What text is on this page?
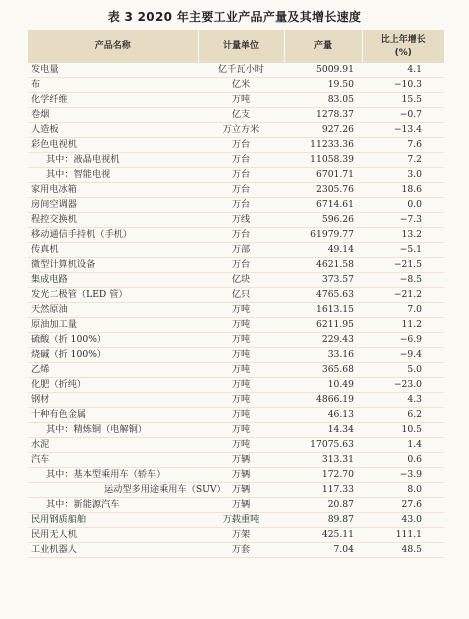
表 3 2020 年主要工业产品产量及其增长速度
产品名称	计量单位	产量	比上年增长
(%)

发电量	亿千瓦小时	5009.91	4.1
布	亿米	19.50	−10.3
化学纤维	万吨	83.05	15.5
卷烟	亿支	1278.37	−0.7
人造板	万立方米	927.26	−13.4
彩色电视机	万台	11233.36	7.6
其中：液晶电视机	万台	11058.39	7.2
其中：智能电视	万台	6701.71	3.0
家用电冰箱	万台	2305.76	18.6
房间空调器	万台	6714.61	0.0
程控交换机	万线	596.26	−7.3
移动通信手持机（手机）	万台	61979.77	13.2
传真机	万部	49.14	−5.1
微型计算机设备	万台	4621.58	−21.5
集成电路	亿块	373.57	−8.5
发光二极管（LED 管）	亿只	4765.63	−21.2
天然原油	万吨	1613.15	7.0
原油加工量	万吨	6211.95	11.2
硫酸（折 100%）	万吨	229.43	−6.9
烧碱（折 100%）	万吨	33.16	−9.4
乙烯	万吨	365.68	5.0
化肥（折纯）	万吨	10.49	−23.0
钢材	万吨	4866.19	4.3
十种有色金属	万吨	46.13	6.2
其中：精炼铜（电解铜）	万吨	14.34	10.5
水泥	万吨	17075.63	1.4
汽车	万辆	313.31	0.6
其中：基本型乘用车（轿车）	万辆	172.70	−3.9
运动型多用途乘用车（SUV）	万辆	117.33	8.0
其中：新能源汽车	万辆	20.87	27.6
民用钢质船舶	万载重吨	89.87	43.0
民用无人机	万架	425.11	111.1
工业机器人	万套	7.04	48.5
